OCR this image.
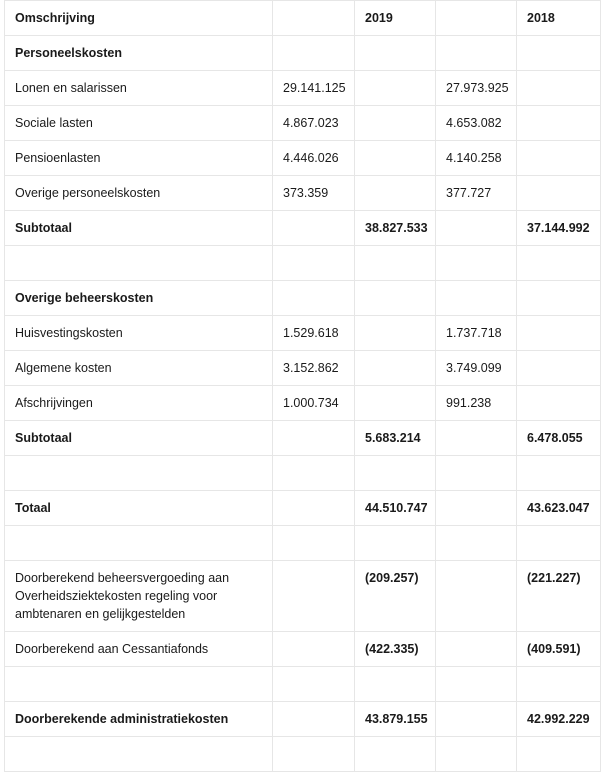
Omschrijving		2019		2018
Personeelskosten				
Lonen en salarissen	29.141.125		27.973.925	
Sociale lasten	4.867.023		4.653.082	
Pensioenlasten	4.446.026		4.140.258	
Overige personeelskosten	373.359		377.727	
Subtotaal		38.827.533		37.144.992

Overige beheerskosten				
Huisvestingskosten	1.529.618		1.737.718	
Algemene kosten	3.152.862		3.749.099	
Afschrijvingen	1.000.734		991.238	
Subtotaal		5.683.214		6.478.055

Totaal		44.510.747		43.623.047

Doorberekend beheersvergoeding aan Overheidsziektekosten regeling voor ambtenaren en gelijkgestelden		(209.257)		(221.227)
Doorberekend aan Cessantiafonds		(422.335)		(409.591)

Doorberekende administratiekosten		43.879.155		42.992.229
